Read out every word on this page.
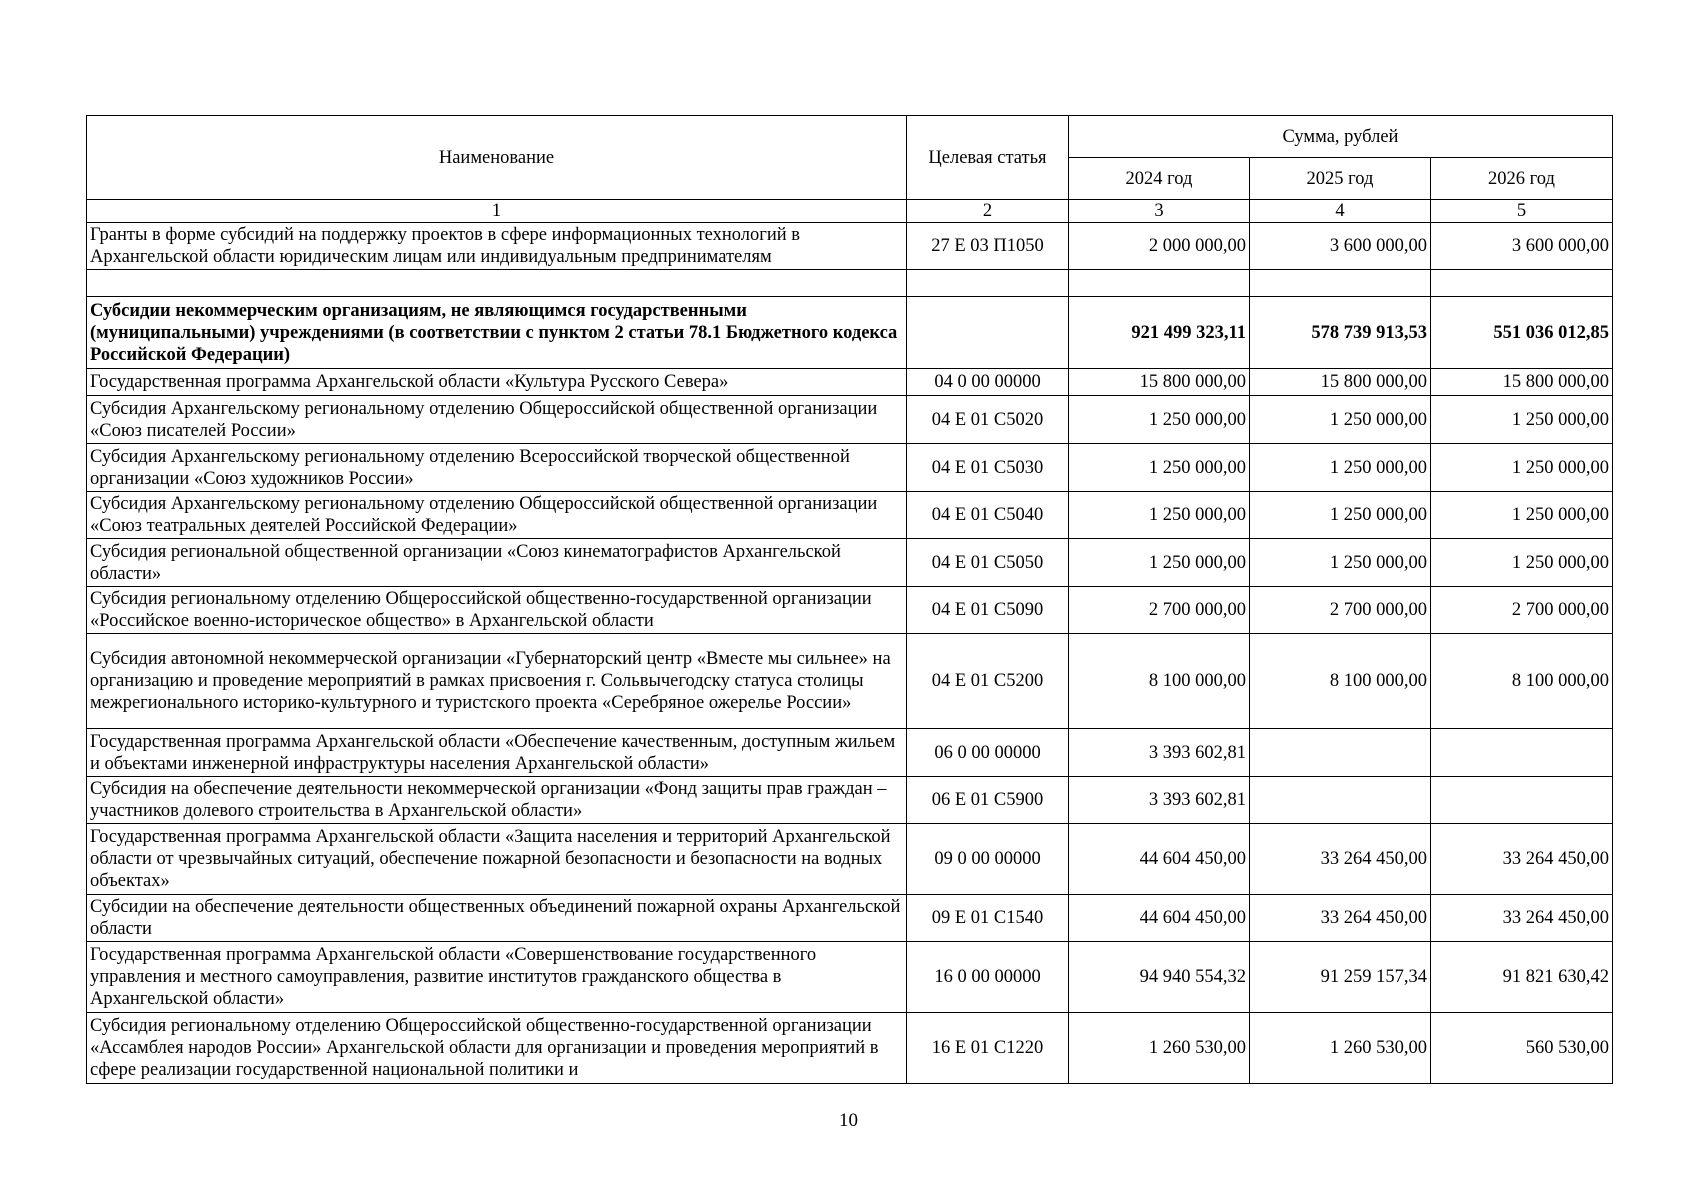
Наименование	Целевая статья	Сумма, рублей		
		2024 год	2025 год	2026 год
1	2	3	4	5
Гранты в форме субсидий на поддержку проектов в сфере информационных технологий в Архангельской области юридическим лицам или индивидуальным предпринимателям	27 Е 03 П1050	2 000 000,00	3 600 000,00	3 600 000,00

Субсидии некоммерческим организациям, не являющимся государственными (муниципальными) учреждениями (в соответствии с пунктом 2 статьи 78.1 Бюджетного кодекса Российской Федерации)		921 499 323,11	578 739 913,53	551 036 012,85
Государственная программа Архангельской области «Культура Русского Севера»	04 0 00 00000	15 800 000,00	15 800 000,00	15 800 000,00
Субсидия Архангельскому региональному отделению Общероссийской общественной организации «Союз писателей России»	04 Е 01 С5020	1 250 000,00	1 250 000,00	1 250 000,00
Субсидия Архангельскому региональному отделению Всероссийской творческой общественной организации «Союз художников России»	04 Е 01 С5030	1 250 000,00	1 250 000,00	1 250 000,00
Субсидия Архангельскому региональному отделению Общероссийской общественной организации «Союз театральных деятелей Российской Федерации»	04 Е 01 С5040	1 250 000,00	1 250 000,00	1 250 000,00
Субсидия региональной общественной организации «Союз кинематографистов Архангельской области»	04 Е 01 С5050	1 250 000,00	1 250 000,00	1 250 000,00
Субсидия региональному отделению Общероссийской общественно-государственной организации «Российское военно-историческое общество» в Архангельской области	04 Е 01 С5090	2 700 000,00	2 700 000,00	2 700 000,00
Субсидия автономной некоммерческой организации «Губернаторский центр «Вместе мы сильнее» на организацию и проведение мероприятий в рамках присвоения г. Сольвычегодску статуса столицы межрегионального историко-культурного и туристского проекта «Серебряное ожерелье России»	04 Е 01 С5200	8 100 000,00	8 100 000,00	8 100 000,00
Государственная программа Архангельской области «Обеспечение качественным, доступным жильем и объектами инженерной инфраструктуры населения Архангельской области»	06 0 00 00000	3 393 602,81		
Субсидия на обеспечение деятельности некоммерческой организации «Фонд защиты прав граждан – участников долевого строительства в Архангельской области»	06 Е 01 С5900	3 393 602,81		
Государственная программа Архангельской области «Защита населения и территорий Архангельской области от чрезвычайных ситуаций, обеспечение пожарной безопасности и безопасности на водных объектах»	09 0 00 00000	44 604 450,00	33 264 450,00	33 264 450,00
Субсидии на обеспечение деятельности общественных объединений пожарной охраны Архангельской области	09 Е 01 С1540	44 604 450,00	33 264 450,00	33 264 450,00
Государственная программа Архангельской области «Совершенствование государственного управления и местного самоуправления, развитие институтов гражданского общества в Архангельской области»	16 0 00 00000	94 940 554,32	91 259 157,34	91 821 630,42
Субсидия региональному отделению Общероссийской общественно-государственной организации «Ассамблея народов России» Архангельской области для организации и проведения мероприятий в сфере реализации государственной национальной политики и	16 Е 01 С1220	1 260 530,00	1 260 530,00	560 530,00
10
